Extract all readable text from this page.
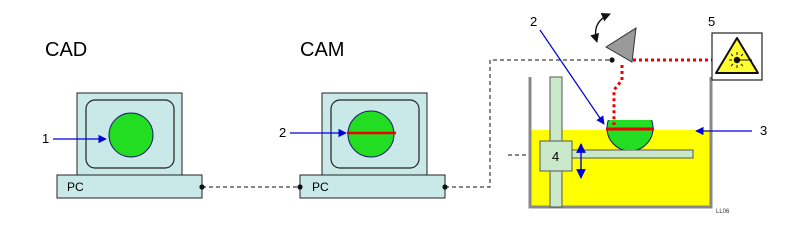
CAD	CAM
PC	PC
LL06
4
1	2
2
3
5
